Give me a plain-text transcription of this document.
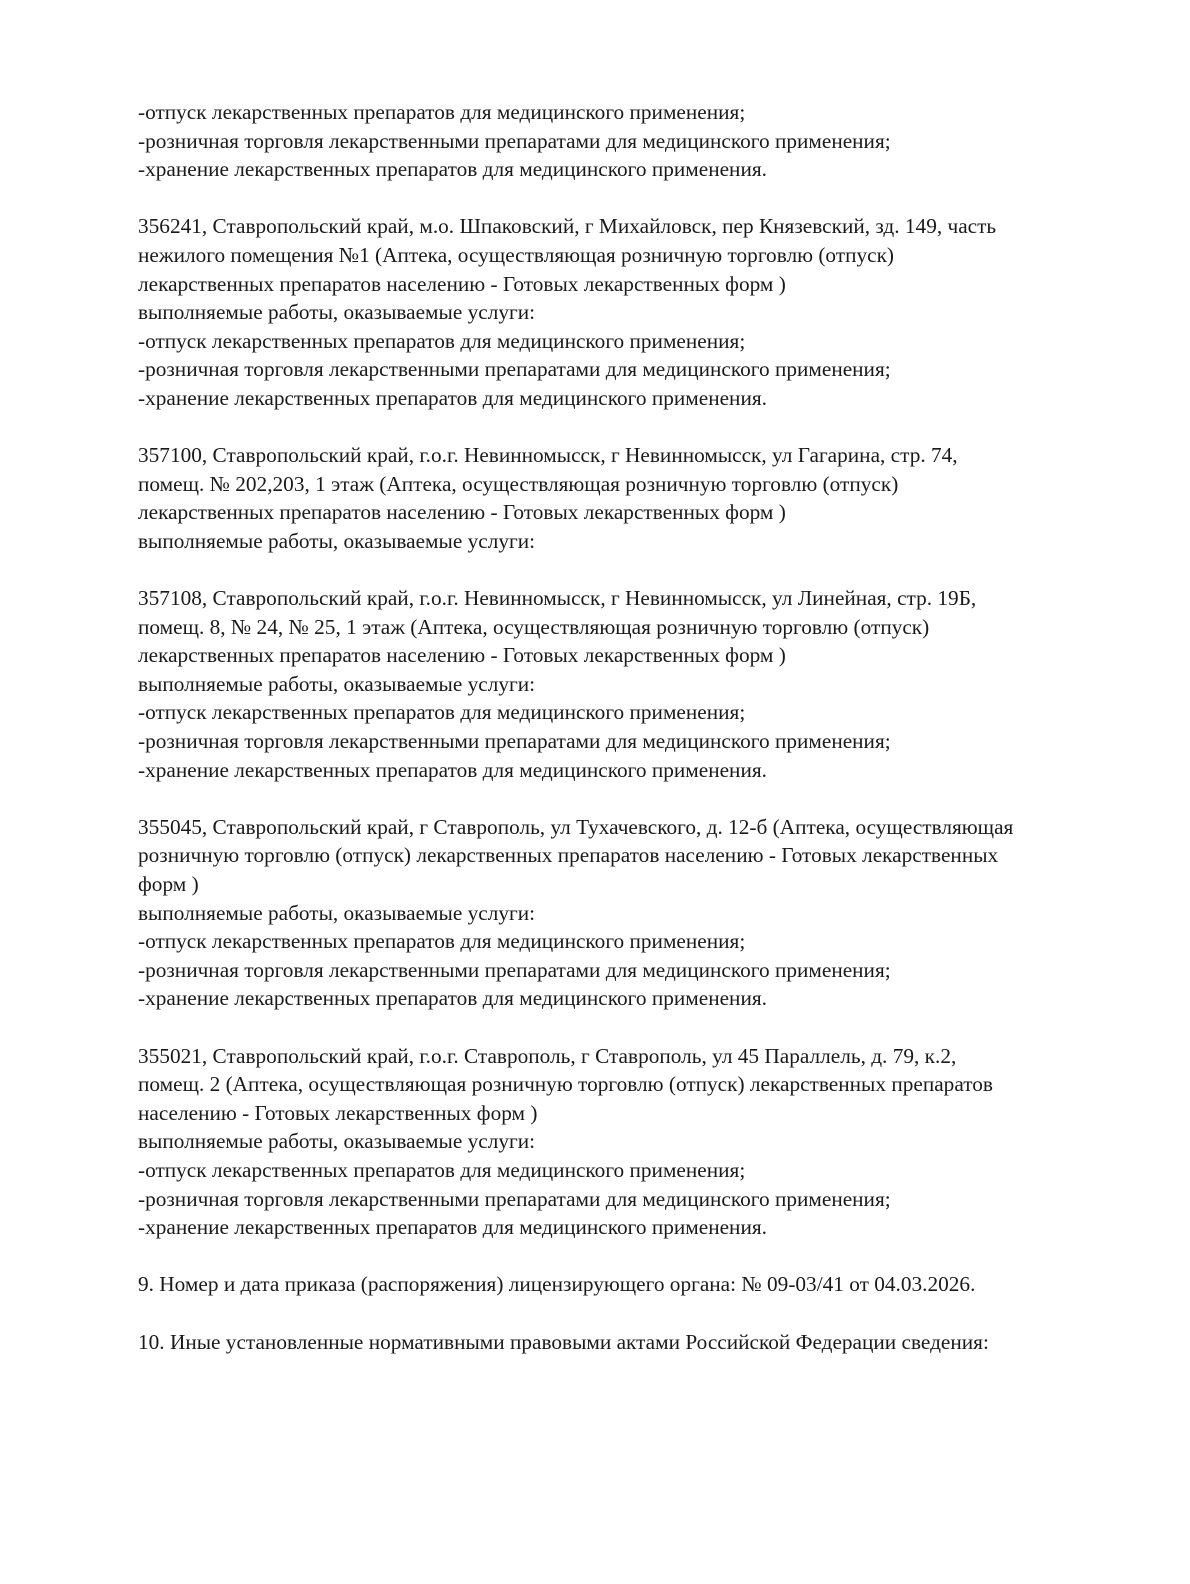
-отпуск лекарственных препаратов для медицинского применения;
-розничная торговля лекарственными препаратами для медицинского применения;
-хранение лекарственных препаратов для медицинского применения.
356241, Ставропольский край, м.о. Шпаковский, г Михайловск, пер Князевский, зд. 149, часть
нежилого помещения №1 (Аптека, осуществляющая розничную торговлю (отпуск)
лекарственных препаратов населению - Готовых лекарственных форм )
выполняемые работы, оказываемые услуги:
-отпуск лекарственных препаратов для медицинского применения;
-розничная торговля лекарственными препаратами для медицинского применения;
-хранение лекарственных препаратов для медицинского применения.
357100, Ставропольский край, г.о.г. Невинномысск, г Невинномысск, ул Гагарина, стр. 74,
помещ. № 202,203, 1 этаж (Аптека, осуществляющая розничную торговлю (отпуск)
лекарственных препаратов населению - Готовых лекарственных форм )
выполняемые работы, оказываемые услуги:
357108, Ставропольский край, г.о.г. Невинномысск, г Невинномысск, ул Линейная, стр. 19Б,
помещ. 8, № 24, № 25, 1 этаж (Аптека, осуществляющая розничную торговлю (отпуск)
лекарственных препаратов населению - Готовых лекарственных форм )
выполняемые работы, оказываемые услуги:
-отпуск лекарственных препаратов для медицинского применения;
-розничная торговля лекарственными препаратами для медицинского применения;
-хранение лекарственных препаратов для медицинского применения.
355045, Ставропольский край, г Ставрополь, ул Тухачевского, д. 12-б (Аптека, осуществляющая
розничную торговлю (отпуск) лекарственных препаратов населению - Готовых лекарственных
форм )
выполняемые работы, оказываемые услуги:
-отпуск лекарственных препаратов для медицинского применения;
-розничная торговля лекарственными препаратами для медицинского применения;
-хранение лекарственных препаратов для медицинского применения.
355021, Ставропольский край, г.о.г. Ставрополь, г Ставрополь, ул 45 Параллель, д. 79, к.2,
помещ. 2 (Аптека, осуществляющая розничную торговлю (отпуск) лекарственных препаратов
населению - Готовых лекарственных форм )
выполняемые работы, оказываемые услуги:
-отпуск лекарственных препаратов для медицинского применения;
-розничная торговля лекарственными препаратами для медицинского применения;
-хранение лекарственных препаратов для медицинского применения.
9. Номер и дата приказа (распоряжения) лицензирующего органа: № 09-03/41 от 04.03.2026.
10. Иные установленные нормативными правовыми актами Российской Федерации сведения:
